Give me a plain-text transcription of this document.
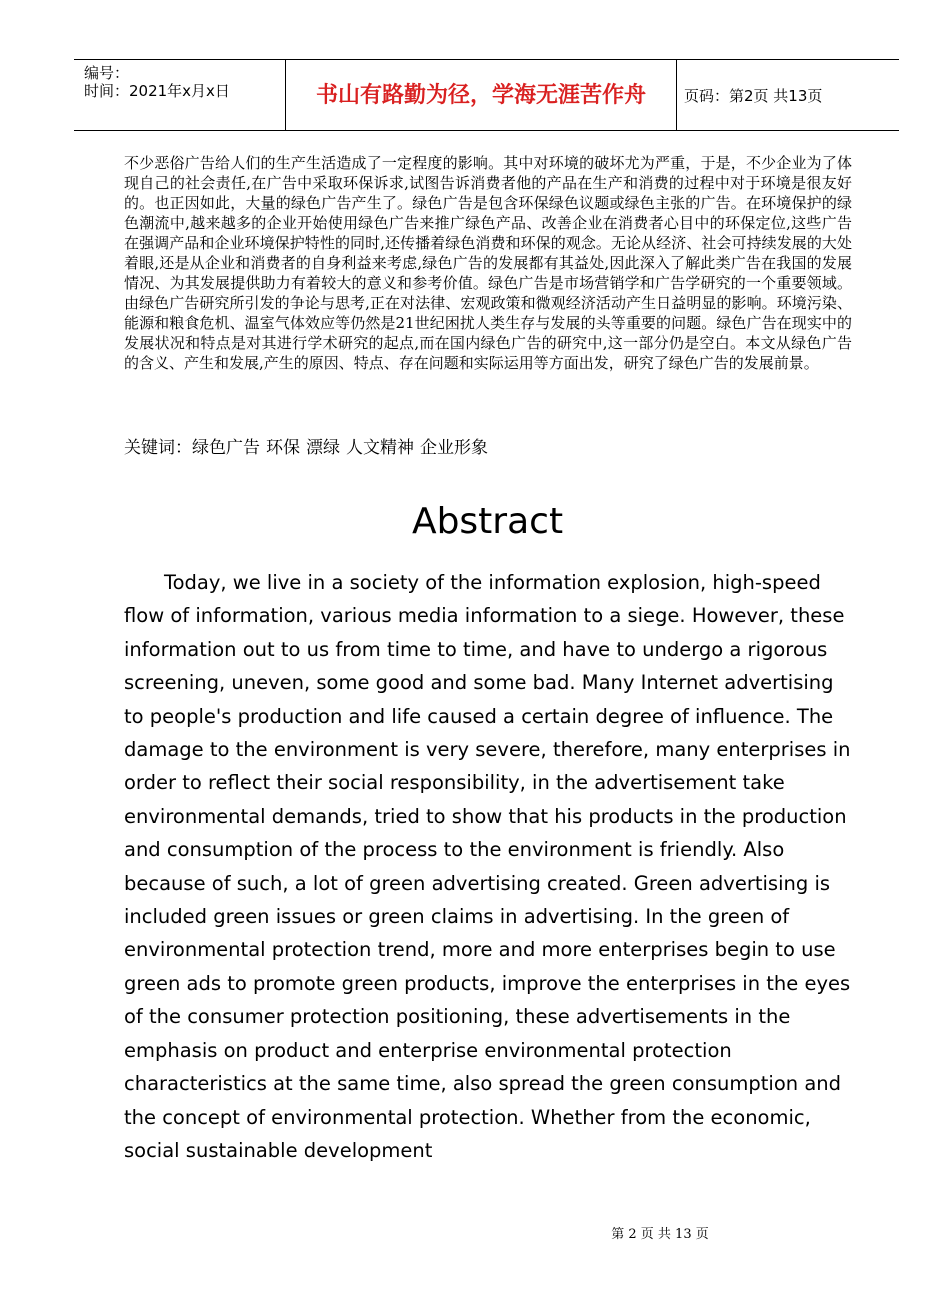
编号：
时间：2021年x月x日	书山有路勤为径，学海无涯苦作舟	页码：第2页 共13页

不少恶俗广告给人们的生产生活造成了一定程度的影响。其中对环境的破坏尤为严重，于是，不少企业为了体现自己的社会责任,在广告中采取环保诉求,试图告诉消费者他的产品在生产和消费的过程中对于环境是很友好的。也正因如此，大量的绿色广告产生了。绿色广告是包含环保绿色议题或绿色主张的广告。在环境保护的绿色潮流中,越来越多的企业开始使用绿色广告来推广绿色产品、改善企业在消费者心目中的环保定位,这些广告在强调产品和企业环境保护特性的同时,还传播着绿色消费和环保的观念。无论从经济、社会可持续发展的大处着眼,还是从企业和消费者的自身利益来考虑,绿色广告的发展都有其益处,因此深入了解此类广告在我国的发展情况、为其发展提供助力有着较大的意义和参考价值。绿色广告是市场营销学和广告学研究的一个重要领域。由绿色广告研究所引发的争论与思考,正在对法律、宏观政策和微观经济活动产生日益明显的影响。环境污染、能源和粮食危机、温室气体效应等仍然是21世纪困扰人类生存与发展的头等重要的问题。绿色广告在现实中的发展状况和特点是对其进行学术研究的起点,而在国内绿色广告的研究中,这一部分仍是空白。本文从绿色广告的含义、产生和发展,产生的原因、特点、存在问题和实际运用等方面出发，研究了绿色广告的发展前景。

关键词：绿色广告 环保 漂绿 人文精神 企业形象
Abstract

Today, we live in a society of the information explosion, high-speed flow of information, various media information to a siege. However, these information out to us from time to time, and have to undergo a rigorous screening, uneven, some good and some bad. Many Internet advertising to people's production and life caused a certain degree of influence. The damage to the environment is very severe, therefore, many enterprises in order to reflect their social responsibility, in the advertisement take environmental demands, tried to show that his products in the production and consumption of the process to the environment is friendly. Also because of such, a lot of green advertising created. Green advertising is included green issues or green claims in advertising. In the green of environmental protection trend, more and more enterprises begin to use green ads to promote green products, improve the enterprises in the eyes of the consumer protection positioning, these advertisements in the emphasis on product and enterprise environmental protection characteristics at the same time, also spread the green consumption and the concept of environmental protection. Whether from the economic, social sustainable development

第 2 页 共 13 页
